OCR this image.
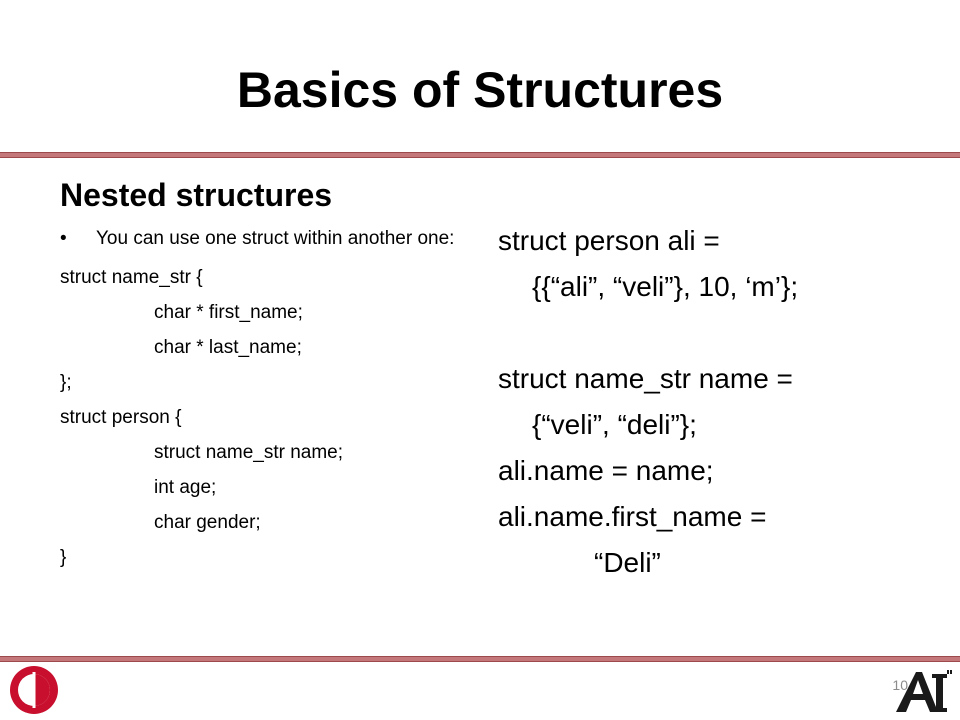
Basics of Structures
Nested structures
•	You can use one struct within another one:
struct name_str {
char * first_name;
char * last_name;
};
struct person {
struct name_str name;
int age;
char gender;
}
struct person ali =
{{“ali”, “veli”}, 10, ‘m’};
struct name_str name =
{“veli”, “deli”};
ali.name = name;
ali.name.first_name =
“Deli”
10
